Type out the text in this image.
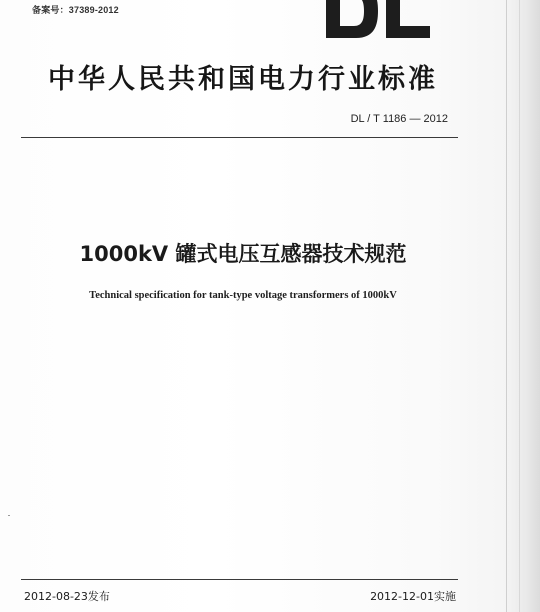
备案号：37389-2012
中华人民共和国电力行业标准
DL / T 1186 — 2012
1000kV 罐式电压互感器技术规范
Technical specification for tank-type voltage transformers of 1000kV
2012-08-23发布	2012-12-01实施
